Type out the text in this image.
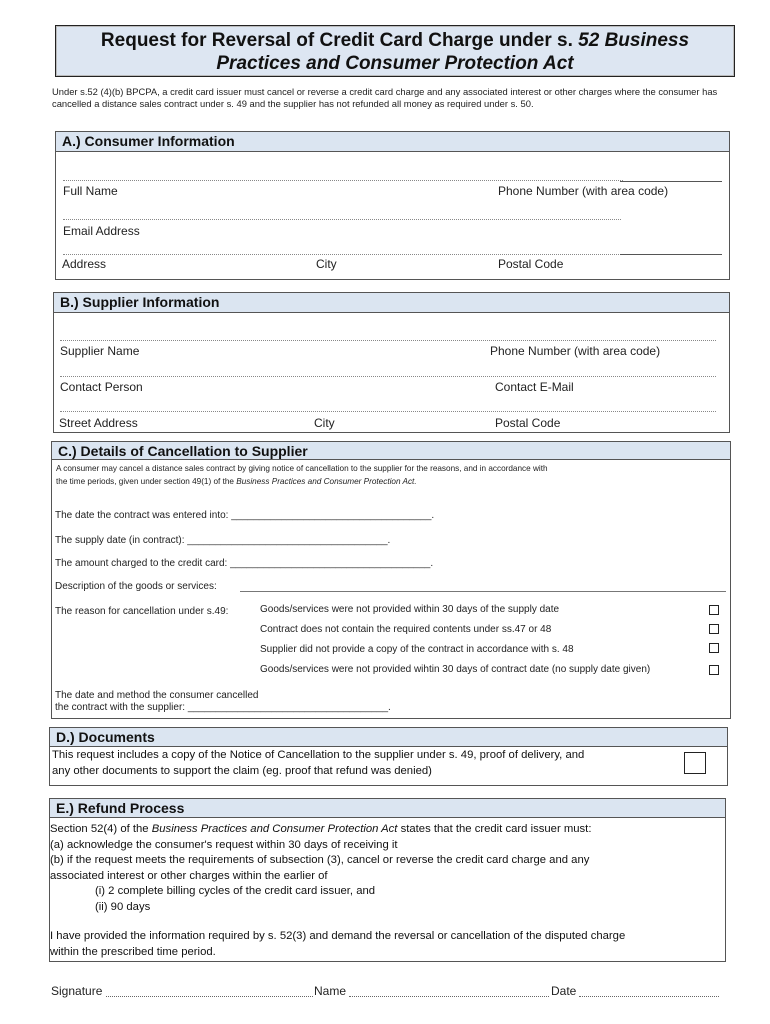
Request for Reversal of Credit Card Charge under s. 52 Business
Practices and Consumer Protection Act
Under s.52 (4)(b) BPCPA, a credit card issuer must cancel or reverse a credit card charge and any associated interest or other charges where the consumer has cancelled a distance sales contract under s. 49 and the supplier has not refunded all money as required under s. 50.
A.) Consumer Information
Full Name	Phone Number (with area code)
Email Address
Address	City	Postal Code
B.) Supplier Information
Supplier Name	Phone Number (with area code)
Contact Person	Contact E-Mail
Street Address	City	Postal Code
C.) Details of Cancellation to Supplier
A consumer may cancel a distance sales contract by giving notice of cancellation to the supplier for the reasons, and in accordance with
the time periods, given under section 49(1) of the Business Practices and Consumer Protection Act.
The date the contract was entered into: ____________________________________.
The supply date (in contract): ____________________________________.
The amount charged to the credit card: ____________________________________.
Description of the goods or services:
The reason for cancellation under s.49:	Goods/services were not provided within 30 days of the supply date
Contract does not contain the required contents under ss.47 or 48
Supplier did not provide a copy of the contract in accordance with s. 48
Goods/services were not provided wihtin 30 days of contract date (no supply date given)
The date and method the consumer cancelled
the contract with the supplier: ____________________________________.
D.) Documents
This request includes a copy of the Notice of Cancellation to the supplier under s. 49, proof of delivery, and
any other documents to support the claim (eg. proof that refund was denied)
E.) Refund Process
Section 52(4) of the Business Practices and Consumer Protection Act states that the credit card issuer must:
(a) acknowledge the consumer's request within 30 days of receiving it
(b) if the request meets the requirements of subsection (3), cancel or reverse the credit card charge and any
associated interest or other charges within the earlier of
(i) 2 complete billing cycles of the credit card issuer, and
(ii) 90 days
I have provided the information required by s. 52(3) and demand the reversal or cancellation of the disputed charge
within the prescribed time period.
Signature	Name	Date
